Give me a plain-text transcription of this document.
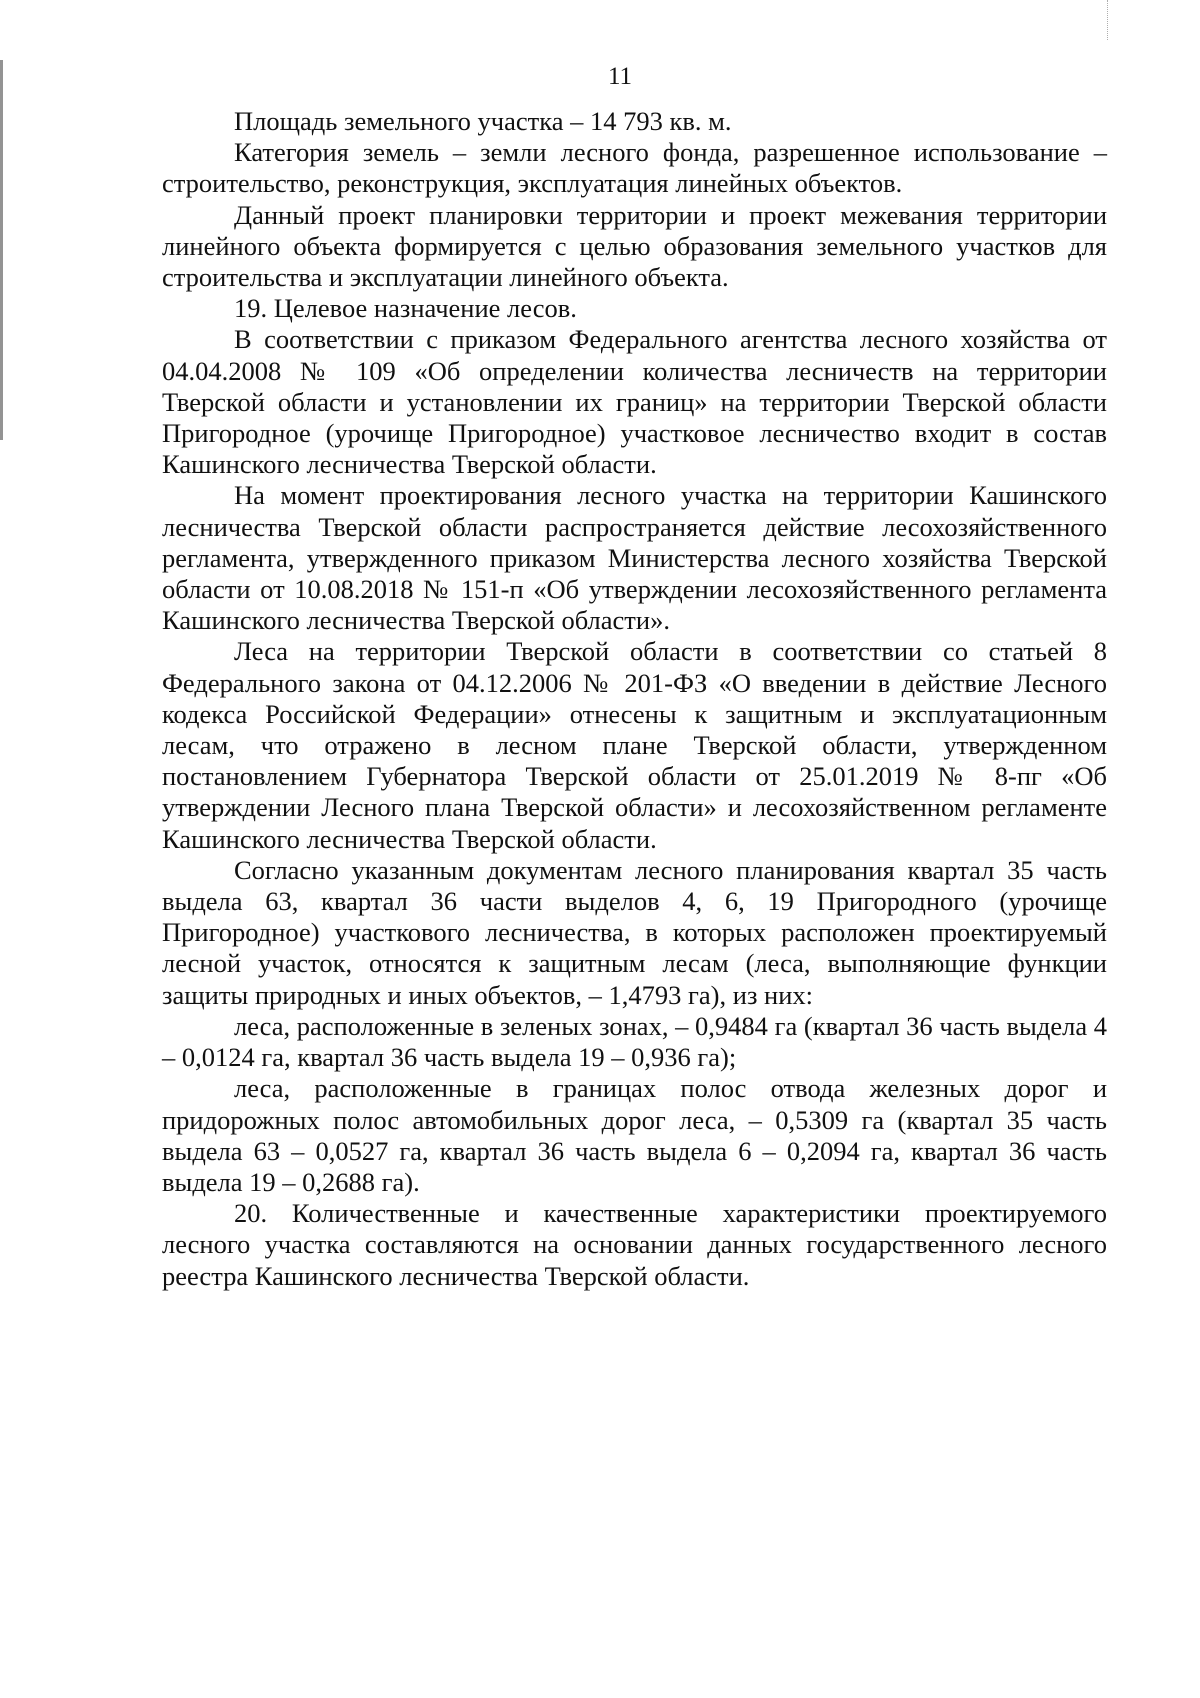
11

Площадь земельного участка – 14 793 кв. м.

Категория земель – земли лесного фонда, разрешенное использование – строительство, реконструкция, эксплуатация линейных объектов.

Данный проект планировки территории и проект межевания территории линейного объекта формируется с целью образования земельного участков для строительства и эксплуатации линейного объекта.

19. Целевое назначение лесов.

В соответствии с приказом Федерального агентства лесного хозяйства от 04.04.2008 № 109 «Об определении количества лесничеств на территории Тверской области и установлении их границ» на территории Тверской области Пригородное (урочище Пригородное) участковое лесничество входит в состав Кашинского лесничества Тверской области.

На момент проектирования лесного участка на территории Кашинского лесничества Тверской области распространяется действие лесохозяйственного регламента, утвержденного приказом Министерства лесного хозяйства Тверской области от 10.08.2018 № 151-п «Об утверждении лесохозяйственного регламента Кашинского лесничества Тверской области».

Леса на территории Тверской области в соответствии со статьей 8 Федерального закона от 04.12.2006 № 201-ФЗ «О введении в действие Лесного кодекса Российской Федерации» отнесены к защитным и эксплуатационным лесам, что отражено в лесном плане Тверской области, утвержденном постановлением Губернатора Тверской области от 25.01.2019 № 8-пг «Об утверждении Лесного плана Тверской области» и лесохозяйственном регламенте Кашинского лесничества Тверской области.

Согласно указанным документам лесного планирования квартал 35 часть выдела 63, квартал 36 части выделов 4, 6, 19 Пригородного (урочище Пригородное) участкового лесничества, в которых расположен проектируемый лесной участок, относятся к защитным лесам (леса, выполняющие функции защиты природных и иных объектов, – 1,4793 га), из них:

леса, расположенные в зеленых зонах, – 0,9484 га (квартал 36 часть выдела 4 – 0,0124 га, квартал 36 часть выдела 19 – 0,936 га);

леса, расположенные в границах полос отвода железных дорог и придорожных полос автомобильных дорог леса, – 0,5309 га (квартал 35 часть выдела 63 – 0,0527 га, квартал 36 часть выдела 6 – 0,2094 га, квартал 36 часть выдела 19 – 0,2688 га).

20. Количественные и качественные характеристики проектируемого лесного участка составляются на основании данных государственного лесного реестра Кашинского лесничества Тверской области.
